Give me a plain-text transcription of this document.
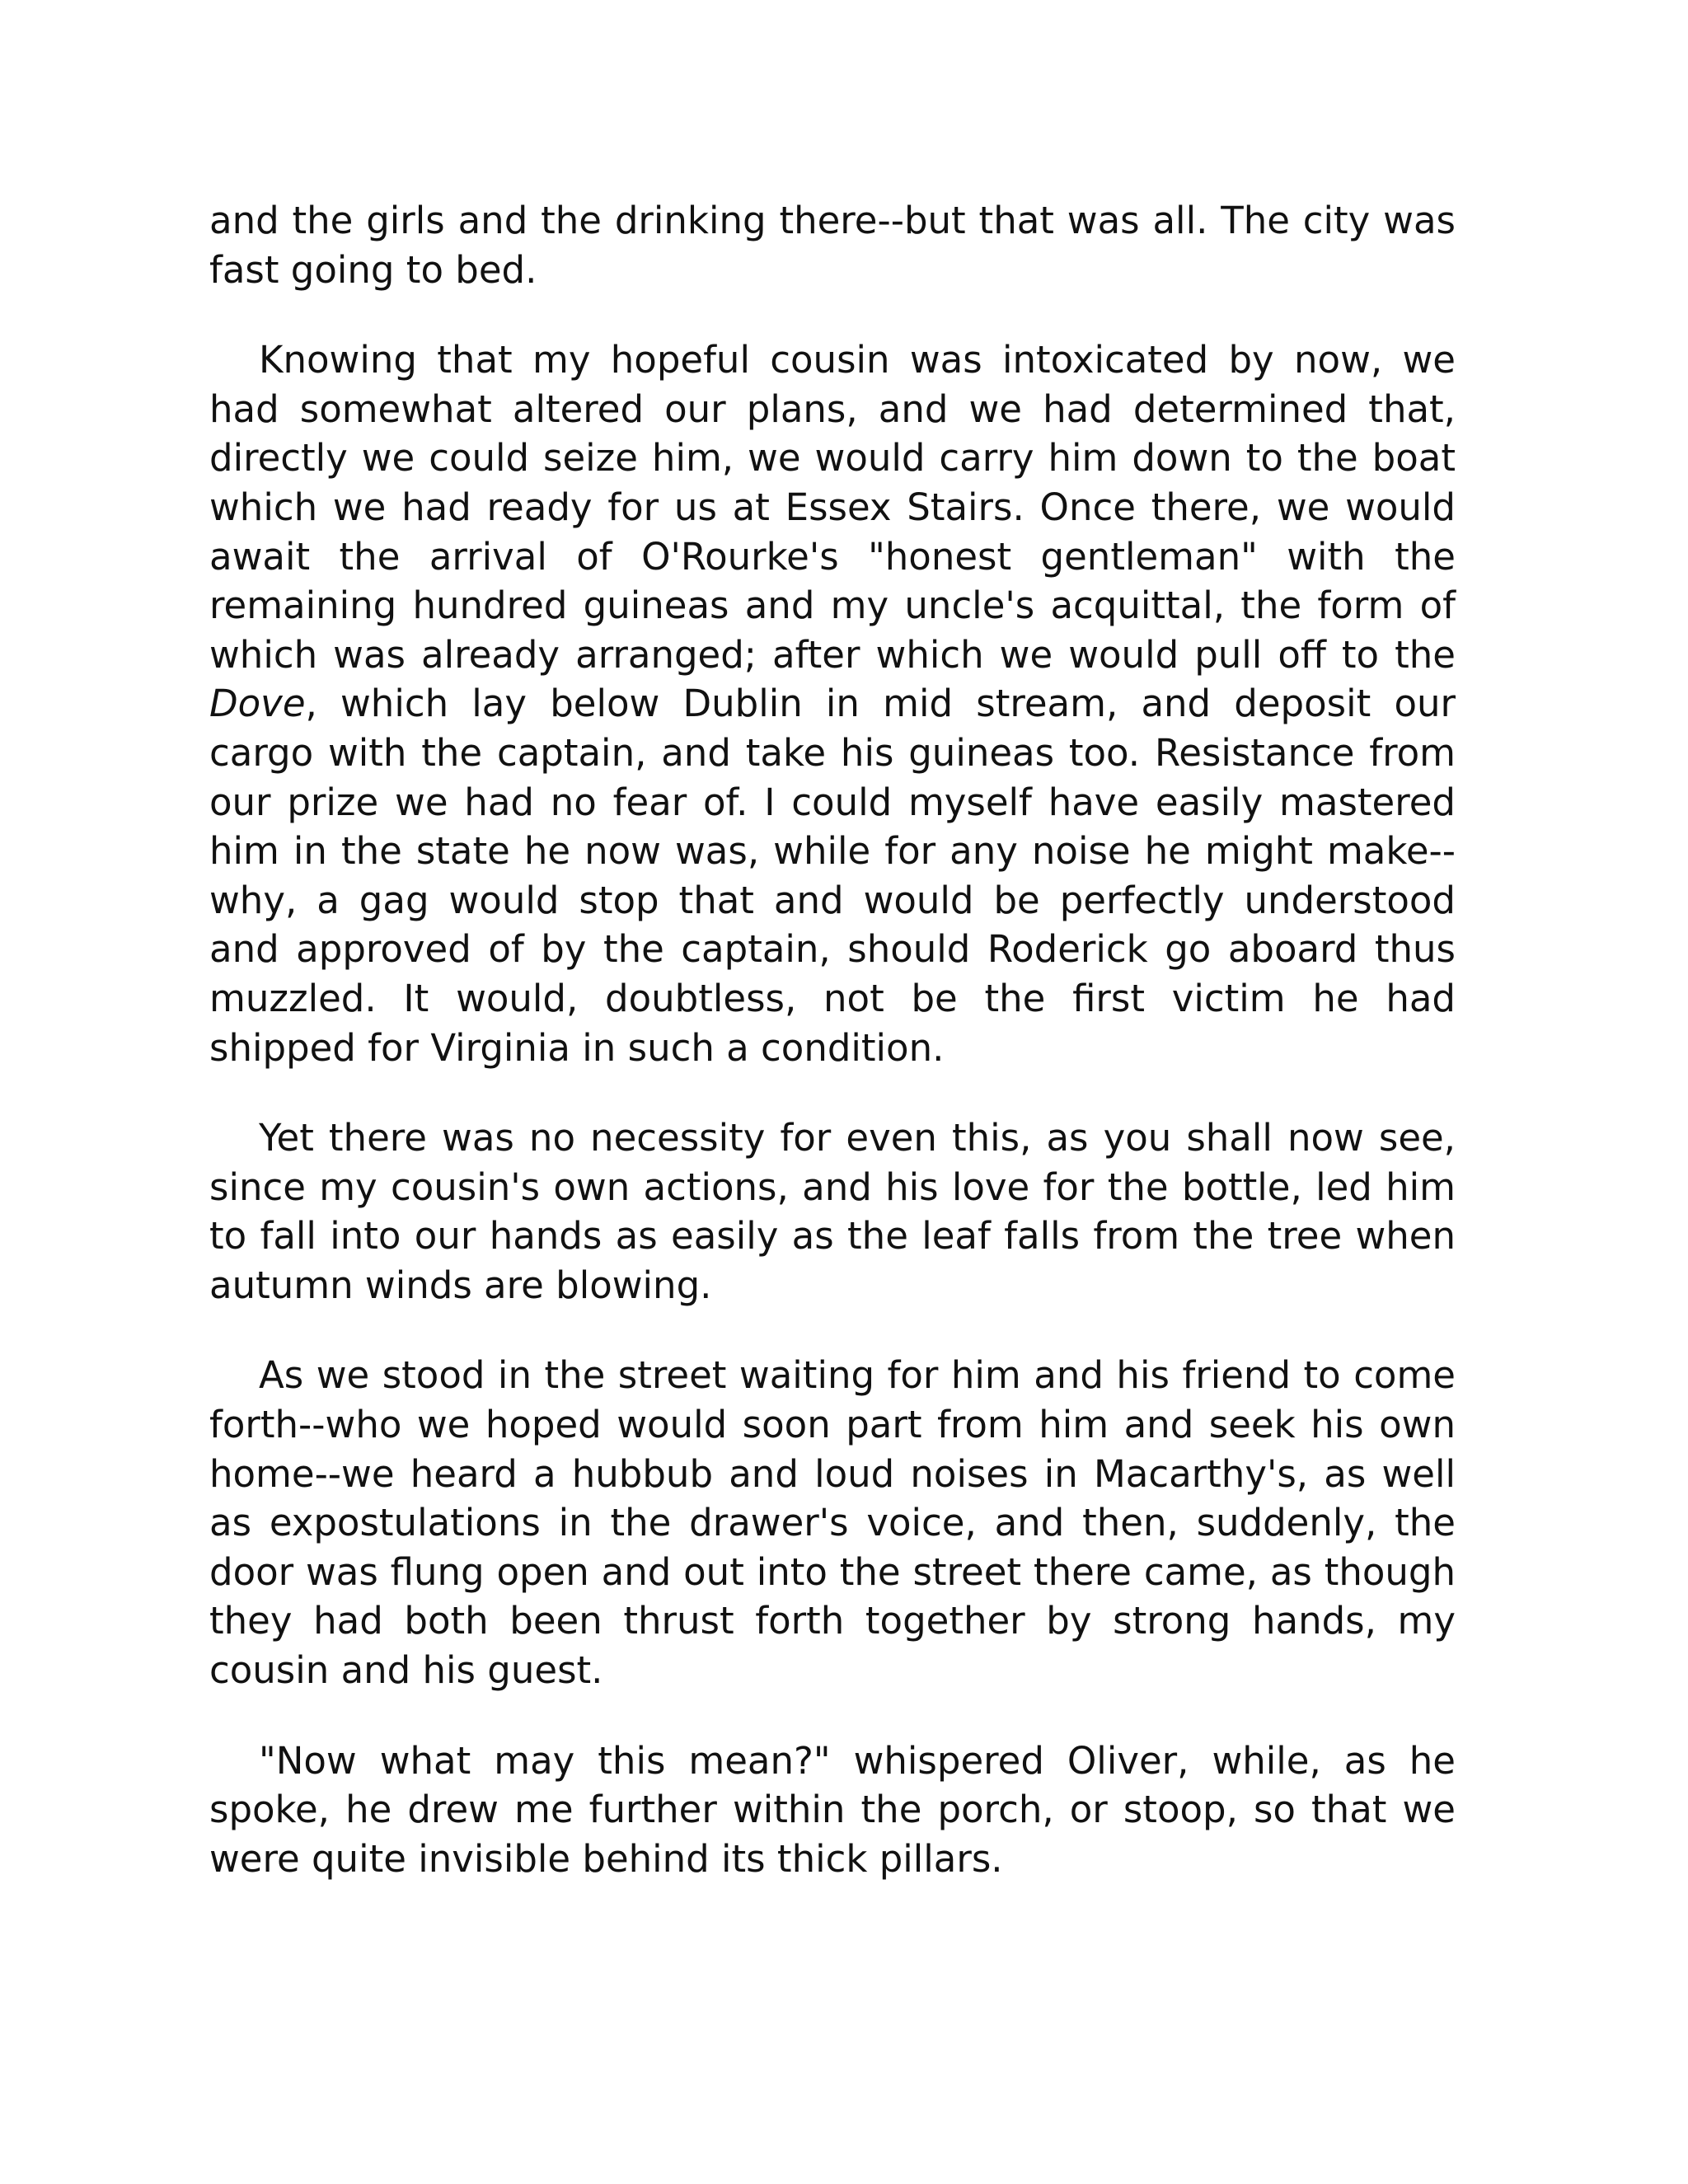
and the girls and the drinking there--but that was all. The city was fast going to bed.

Knowing that my hopeful cousin was intoxicated by now, we had somewhat altered our plans, and we had determined that, directly we could seize him, we would carry him down to the boat which we had ready for us at Essex Stairs. Once there, we would await the arrival of O'Rourke's "honest gentleman" with the remaining hundred guineas and my uncle's acquittal, the form of which was already arranged; after which we would pull off to the Dove, which lay below Dublin in mid stream, and deposit our cargo with the captain, and take his guineas too. Resistance from our prize we had no fear of. I could myself have easily mastered him in the state he now was, while for any noise he might make--why, a gag would stop that and would be perfectly understood and approved of by the captain, should Roderick go aboard thus muzzled. It would, doubtless, not be the first victim he had shipped for Virginia in such a condition.

Yet there was no necessity for even this, as you shall now see, since my cousin's own actions, and his love for the bottle, led him to fall into our hands as easily as the leaf falls from the tree when autumn winds are blowing.

As we stood in the street waiting for him and his friend to come forth--who we hoped would soon part from him and seek his own home--we heard a hubbub and loud noises in Macarthy's, as well as expostulations in the drawer's voice, and then, suddenly, the door was flung open and out into the street there came, as though they had both been thrust forth together by strong hands, my cousin and his guest.

"Now what may this mean?" whispered Oliver, while, as he spoke, he drew me further within the porch, or stoop, so that we were quite invisible behind its thick pillars.
